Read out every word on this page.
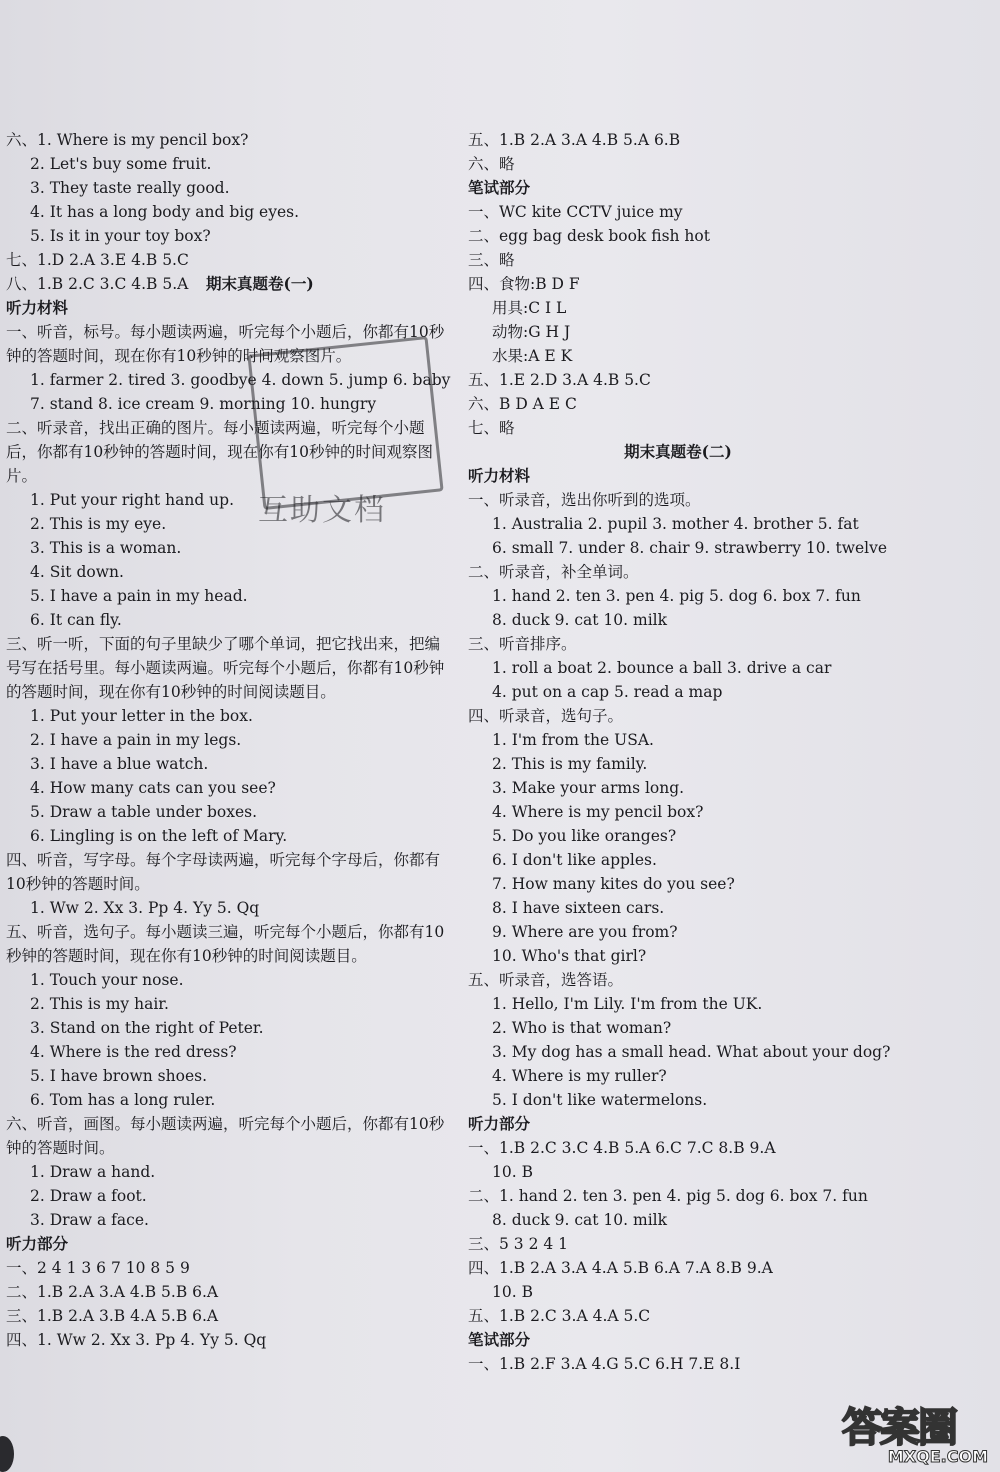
六、1. Where is my pencil box?
2. Let's buy some fruit.
3. They taste really good.
4. It has a long body and big eyes.
5. Is it in your toy box?
七、1.D 2.A 3.E 4.B 5.C
八、1.B 2.C 3.C 4.B 5.A	期末真题卷(一)
听力材料
一、听音，标号。每小题读两遍，听完每个小题后，你都有10秒钟的答题时间，现在你有10秒钟的时间观察图片。
1. farmer 2. tired 3. goodbye 4. down 5. jump 6. baby
7. stand 8. ice cream 9. morning 10. hungry
二、听录音，找出正确的图片。每小题读两遍，听完每个小题后，你都有10秒钟的答题时间，现在你有10秒钟的时间观察图片。
1. Put your right hand up.
2. This is my eye.
3. This is a woman.
4. Sit down.
5. I have a pain in my head.
6. It can fly.
三、听一听，下面的句子里缺少了哪个单词，把它找出来，把编号写在括号里。每小题读两遍。听完每个小题后，你都有10秒钟的答题时间，现在你有10秒钟的时间阅读题目。
1. Put your letter in the box.
2. I have a pain in my legs.
3. I have a blue watch.
4. How many cats can you see?
5. Draw a table under boxes.
6. Lingling is on the left of Mary.
四、听音，写字母。每个字母读两遍，听完每个字母后，你都有10秒钟的答题时间。
1. Ww 2. Xx 3. Pp 4. Yy 5. Qq
五、听音，选句子。每小题读三遍，听完每个小题后，你都有10秒钟的答题时间，现在你有10秒钟的时间阅读题目。
1. Touch your nose.
2. This is my hair.
3. Stand on the right of Peter.
4. Where is the red dress?
5. I have brown shoes.
6. Tom has a long ruler.
六、听音，画图。每小题读两遍，听完每个小题后，你都有10秒钟的答题时间。
1. Draw a hand.
2. Draw a foot.
3. Draw a face.
听力部分
一、2 4 1 3 6 7 10 8 5 9
二、1.B 2.A 3.A 4.B 5.B 6.A
三、1.B 2.A 3.B 4.A 5.B 6.A
四、1. Ww 2. Xx 3. Pp 4. Yy 5. Qq
五、1.B 2.A 3.A 4.B 5.A 6.B
六、略
笔试部分
一、WC kite CCTV juice my
二、egg bag desk book fish hot
三、略
四、食物:B D F
用具:C I L
动物:G H J
水果:A E K
五、1.E 2.D 3.A 4.B 5.C
六、B D A E C
七、略
期末真题卷(二)
听力材料
一、听录音，选出你听到的选项。
1. Australia 2. pupil 3. mother 4. brother 5. fat
6. small 7. under 8. chair 9. strawberry 10. twelve
二、听录音，补全单词。
1. hand 2. ten 3. pen 4. pig 5. dog 6. box 7. fun
8. duck 9. cat 10. milk
三、听音排序。
1. roll a boat 2. bounce a ball 3. drive a car
4. put on a cap 5. read a map
四、听录音，选句子。
1. I'm from the USA.
2. This is my family.
3. Make your arms long.
4. Where is my pencil box?
5. Do you like oranges?
6. I don't like apples.
7. How many kites do you see?
8. I have sixteen cars.
9. Where are you from?
10. Who's that girl?
五、听录音，选答语。
1. Hello, I'm Lily. I'm from the UK.
2. Who is that woman?
3. My dog has a small head. What about your dog?
4. Where is my ruller?
5. I don't like watermelons.
听力部分
一、1.B 2.C 3.C 4.B 5.A 6.C 7.C 8.B 9.A
10. B
二、1. hand 2. ten 3. pen 4. pig 5. dog 6. box 7. fun
8. duck 9. cat 10. milk
三、5 3 2 4 1
四、1.B 2.A 3.A 4.A 5.B 6.A 7.A 8.B 9.A
10. B
五、1.B 2.C 3.A 4.A 5.C
笔试部分
一、1.B 2.F 3.A 4.G 5.C 6.H 7.E 8.I
互助文档
答案圈
MXQE.COM
